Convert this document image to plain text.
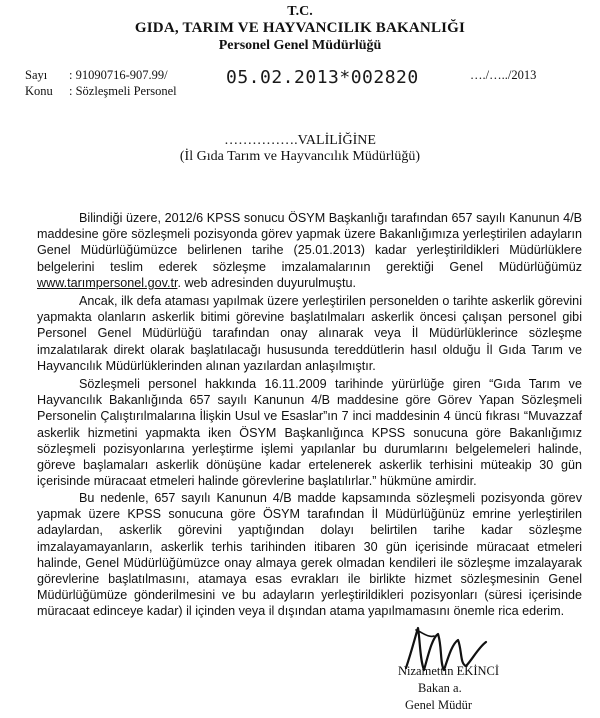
T.C.
GIDA, TARIM VE HAYVANCILIK BAKANLIĞI
Personel Genel Müdürlüğü
Sayı : 91090716-907.99/
Konu : Sözleşmeli Personel
05.02.2013*002820	…./…../2013
…………….VALİLİĞİNE
(İl Gıda Tarım ve Hayvancılık Müdürlüğü)

Bilindiği üzere, 2012/6 KPSS sonucu ÖSYM Başkanlığı tarafından 657 sayılı Kanunun 4/B maddesine göre sözleşmeli pozisyonda görev yapmak üzere Bakanlığımıza yerleştirilen adayların Genel Müdürlüğümüzce belirlenen tarihe (25.01.2013) kadar yerleştirildikleri Müdürlüklere belgelerini teslim ederek sözleşme imzalamalarının gerektiği Genel Müdürlüğümüz www.tarımpersonel.gov.tr. web adresinden duyurulmuştu.

Ancak, ilk defa ataması yapılmak üzere yerleştirilen personelden o tarihte askerlik görevini yapmakta olanların askerlik bitimi görevine başlatılmaları askerlik öncesi çalışan personel gibi Personel Genel Müdürlüğü tarafından onay alınarak veya İl Müdürlüklerince sözleşme imzalatılarak direkt olarak başlatılacağı hususunda tereddütlerin hasıl olduğu İl Gıda Tarım ve Hayvancılık Müdürlüklerinden alınan yazılardan anlaşılmıştır.

Sözleşmeli personel hakkında 16.11.2009 tarihinde yürürlüğe giren “Gıda Tarım ve Hayvancılık Bakanlığında 657 sayılı Kanunun 4/B maddesine göre Görev Yapan Sözleşmeli Personelin Çalıştırılmalarına İlişkin Usul ve Esaslar”ın 7 inci maddesinin 4 üncü fıkrası “Muvazzaf askerlik hizmetini yapmakta iken ÖSYM Başkanlığınca KPSS sonucuna göre Bakanlığımız sözleşmeli pozisyonlarına yerleştirme işlemi yapılanlar bu durumlarını belgelemeleri halinde, göreve başlamaları askerlik dönüşüne kadar ertelenerek askerlik terhisini müteakip 30 gün içerisinde müracaat etmeleri halinde görevlerine başlatılırlar.” hükmüne amirdir.

Bu nedenle, 657 sayılı Kanunun 4/B madde kapsamında sözleşmeli pozisyonda görev yapmak üzere KPSS sonucuna göre ÖSYM tarafından İl Müdürlüğünüz emrine yerleştirilen adaylardan, askerlik görevini yaptığından dolayı belirtilen tarihe kadar sözleşme imzalayamayanların, askerlik terhis tarihinden itibaren 30 gün içerisinde müracaat etmeleri halinde, Genel Müdürlüğümüzce onay almaya gerek olmadan kendileri ile sözleşme imzalayarak görevlerine başlatılmasını, atamaya esas evrakları ile birlikte hizmet sözleşmesinin Genel Müdürlüğümüze gönderilmesini ve bu adayların yerleştirildikleri pozisyonları (süresi içerisinde müracaat edinceye kadar) il içinden veya il dışından atama yapılmamasını önemle rica ederim.

Nizamettin EKİNCİ
Bakan a.
Genel Müdür
